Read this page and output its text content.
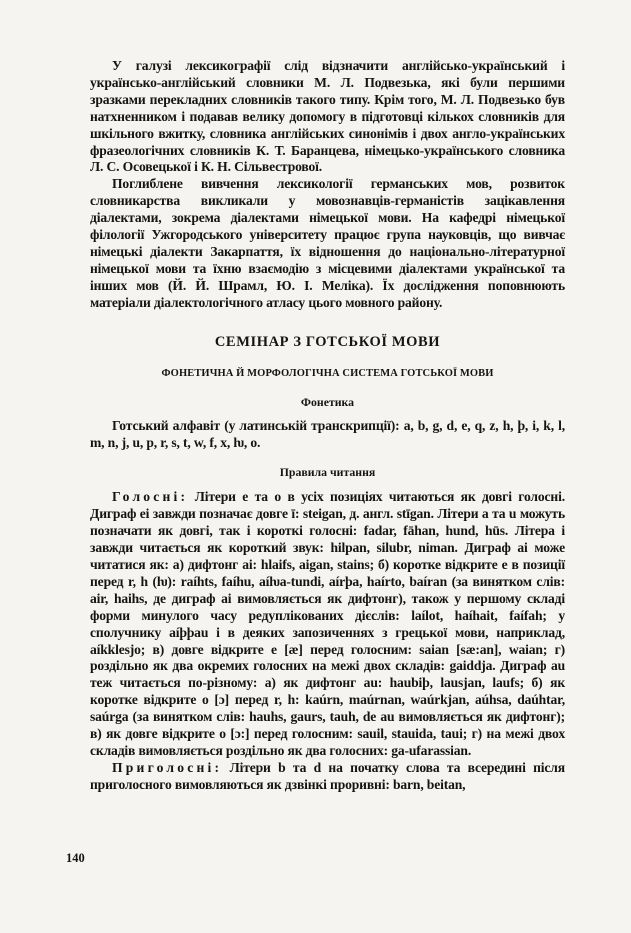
У галузі лексикографії слід відзначити англійсько-український і українсько-англійський словники М. Л. Подвезька, які були першими зразками перекладних словників такого типу. Крім того, М. Л. Подвезько був натхненником і подавав велику допомогу в підготовці кількох словників для шкільного вжитку, словника англійських синонімів і двох англо-українських фразеологічних словників К. Т. Баранцева, німецько-українського словника Л. С. Осовецької і К. Н. Сільвестрової.

Поглиблене вивчення лексикології германських мов, розвиток словникарства викликали у мовознавців-германістів зацікавлення діалектами, зокрема діалектами німецької мови. На кафедрі німецької філології Ужгородського університету працює група науковців, що вивчає німецькі діалекти Закарпаття, їх відношення до національно-літературної німецької мови та їхню взаємодію з місцевими діалектами української та інших мов (Й. Й. Шрамл, Ю. І. Меліка). Їх дослідження поповнюють матеріали діалектологічного атласу цього мовного району.

СЕМІНАР З ГОТСЬКОЇ МОВИ
ФОНЕТИЧНА Й МОРФОЛОГІЧНА СИСТЕМА ГОТСЬКОЇ МОВИ
Фонетика

Готський алфавіт (у латинській транскрипції): a, b, g, d, e, q, z, h, þ, i, k, l, m, n, j, u, p, r, s, t, w, f, x, ƕ, o.

Правила читання

Голосні: Літери e та o в усіх позиціях читаються як довгі голосні. Диграф ei завжди позначає довге ī: steigan, д. англ. stīgan. Літери a та u можуть позначати як довгі, так і короткі голосні: fadar, fāhan, hund, hūs. Літера i завжди читається як короткий звук: hilpan, silubr, niman. Диграф ai може читатися як: а) дифтонг ai: hlaifs, aigan, stains; б) коротке відкрите e в позиції перед r, h (ƕ): raíhts, faíhu, aíƕa-tundi, aírþa, haírto, baíran (за винятком слів: air, haihs, де диграф ai вимовляється як дифтонг), також у першому складі форми минулого часу редуплікованих дієслів: laílot, haíhait, faífah; у сполучнику aíþþau і в деяких запозиченнях з грецької мови, наприклад, aíkklesjo; в) довге відкрите e [æ] перед голосним: saian [sæ:an], waian; г) роздільно як два окремих голосних на межі двох складів: gaiddja. Диграф au теж читається по-різному: а) як дифтонг au: haubiþ, lausjan, laufs; б) як коротке відкрите o [ɔ] перед r, h: kaúrn, maúrnan, waúrkjan, aúhsa, daúhtar, saúrga (за винятком слів: hauhs, gaurs, tauh, de au вимовляється як дифтонг); в) як довге відкрите o [ɔ:] перед голосним: sauil, stauida, taui; г) на межі двох складів вимовляється роздільно як два голосних: ga-ufarassian.

Приголосні: Літери b та d на початку слова та всередині після приголосного вимовляються як дзвінкі проривні: barn, beitan,

140
